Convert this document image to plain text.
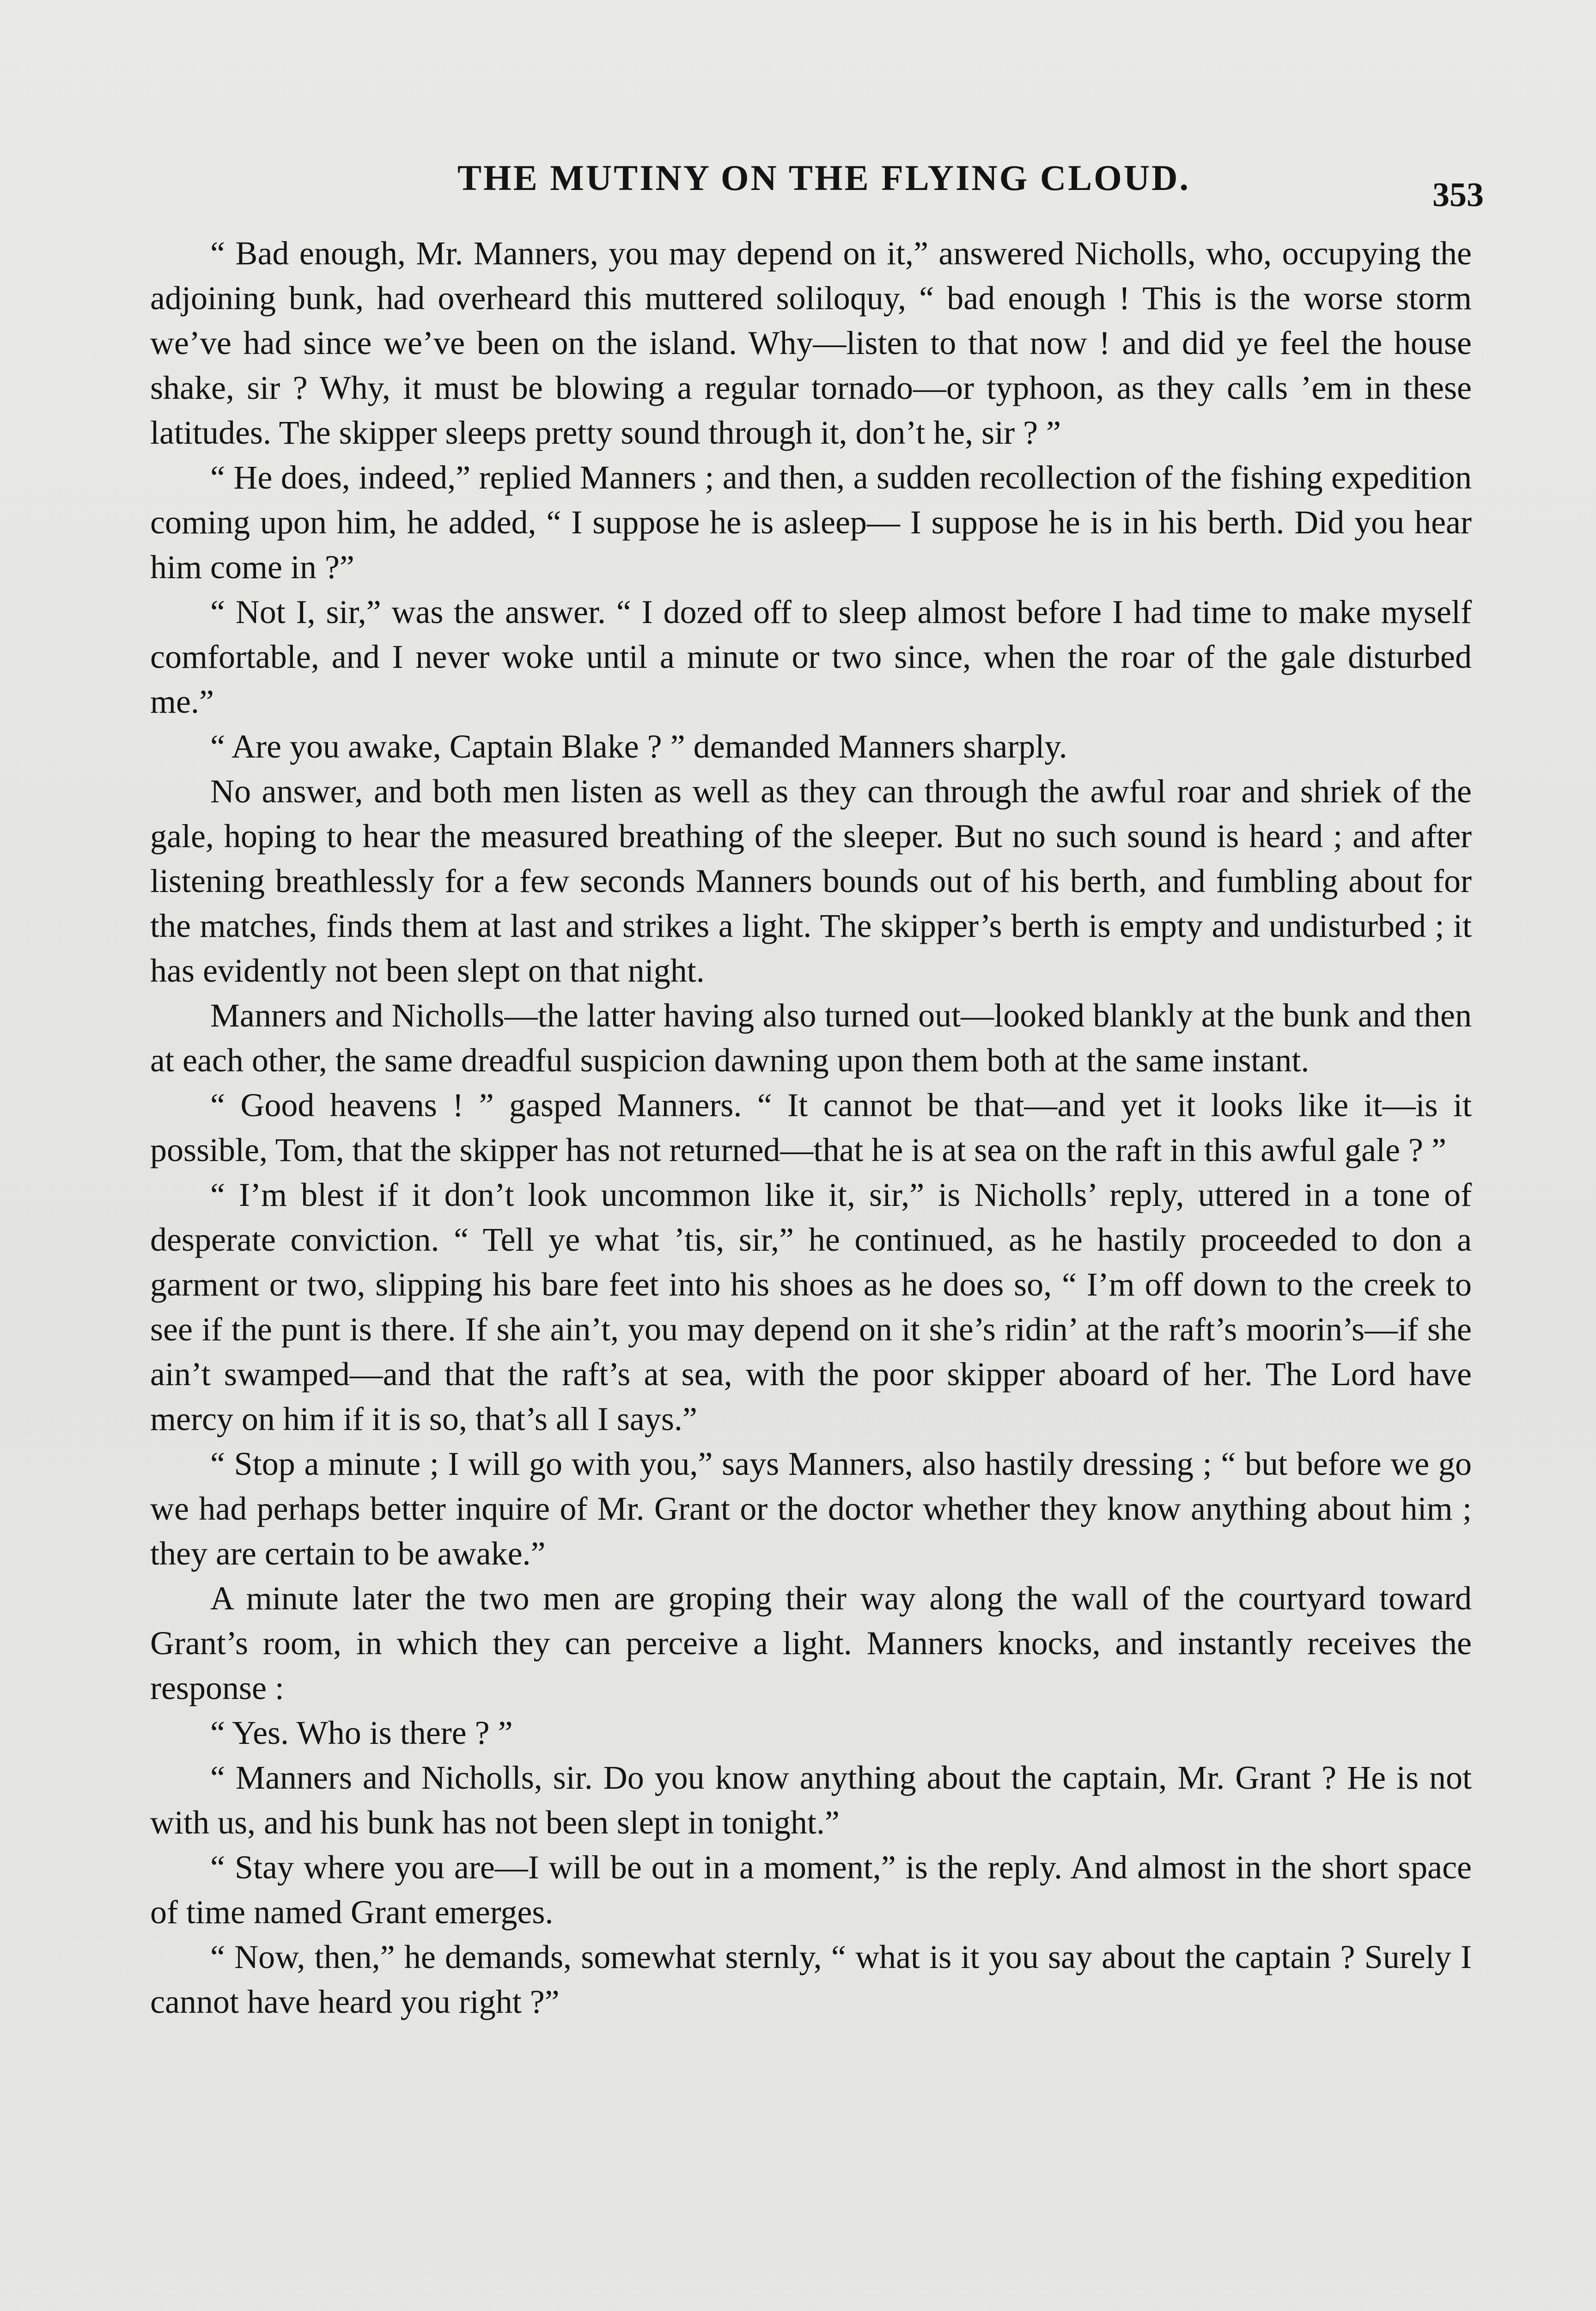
THE MUTINY ON THE FLYING CLOUD.	353

“ Bad enough, Mr. Manners, you may depend on it,” answered Nicholls, who, occupying the adjoining bunk, had overheard this muttered soliloquy, “ bad enough ! This is the worse storm we’ve had since we’ve been on the island. Why—listen to that now ! and did ye feel the house shake, sir ? Why, it must be blowing a regular tornado—or typhoon, as they calls ’em in these latitudes. The skipper sleeps pretty sound through it, don’t he, sir ? ”

“ He does, indeed,” replied Manners ; and then, a sudden recollection of the fishing expedition coming upon him, he added, “ I suppose he is asleep— I suppose he is in his berth. Did you hear him come in ?”

“ Not I, sir,” was the answer. “ I dozed off to sleep almost before I had time to make myself comfortable, and I never woke until a minute or two since, when the roar of the gale disturbed me.”

“ Are you awake, Captain Blake ? ” demanded Manners sharply.

No answer, and both men listen as well as they can through the awful roar and shriek of the gale, hoping to hear the measured breathing of the sleeper. But no such sound is heard ; and after listening breathlessly for a few seconds Manners bounds out of his berth, and fumbling about for the matches, finds them at last and strikes a light. The skipper’s berth is empty and undisturbed ; it has evidently not been slept on that night.

Manners and Nicholls—the latter having also turned out—looked blankly at the bunk and then at each other, the same dreadful suspicion dawning upon them both at the same instant.

“ Good heavens ! ” gasped Manners. “ It cannot be that—and yet it looks like it—is it possible, Tom, that the skipper has not returned—that he is at sea on the raft in this awful gale ? ”

“ I’m blest if it don’t look uncommon like it, sir,” is Nicholls’ reply, uttered in a tone of desperate conviction. “ Tell ye what ’tis, sir,” he continued, as he hastily proceeded to don a garment or two, slipping his bare feet into his shoes as he does so, “ I’m off down to the creek to see if the punt is there. If she ain’t, you may depend on it she’s ridin’ at the raft’s moorin’s—if she ain’t swamped—and that the raft’s at sea, with the poor skipper aboard of her. The Lord have mercy on him if it is so, that’s all I says.”

“ Stop a minute ; I will go with you,” says Manners, also hastily dressing ; “ but before we go we had perhaps better inquire of Mr. Grant or the doctor whether they know anything about him ; they are certain to be awake.”

A minute later the two men are groping their way along the wall of the courtyard toward Grant’s room, in which they can perceive a light. Manners knocks, and instantly receives the response :

“ Yes. Who is there ? ”

“ Manners and Nicholls, sir. Do you know anything about the captain, Mr. Grant ? He is not with us, and his bunk has not been slept in tonight.”

“ Stay where you are—I will be out in a moment,” is the reply. And almost in the short space of time named Grant emerges.

“ Now, then,” he demands, somewhat sternly, “ what is it you say about the captain ? Surely I cannot have heard you right ?”
